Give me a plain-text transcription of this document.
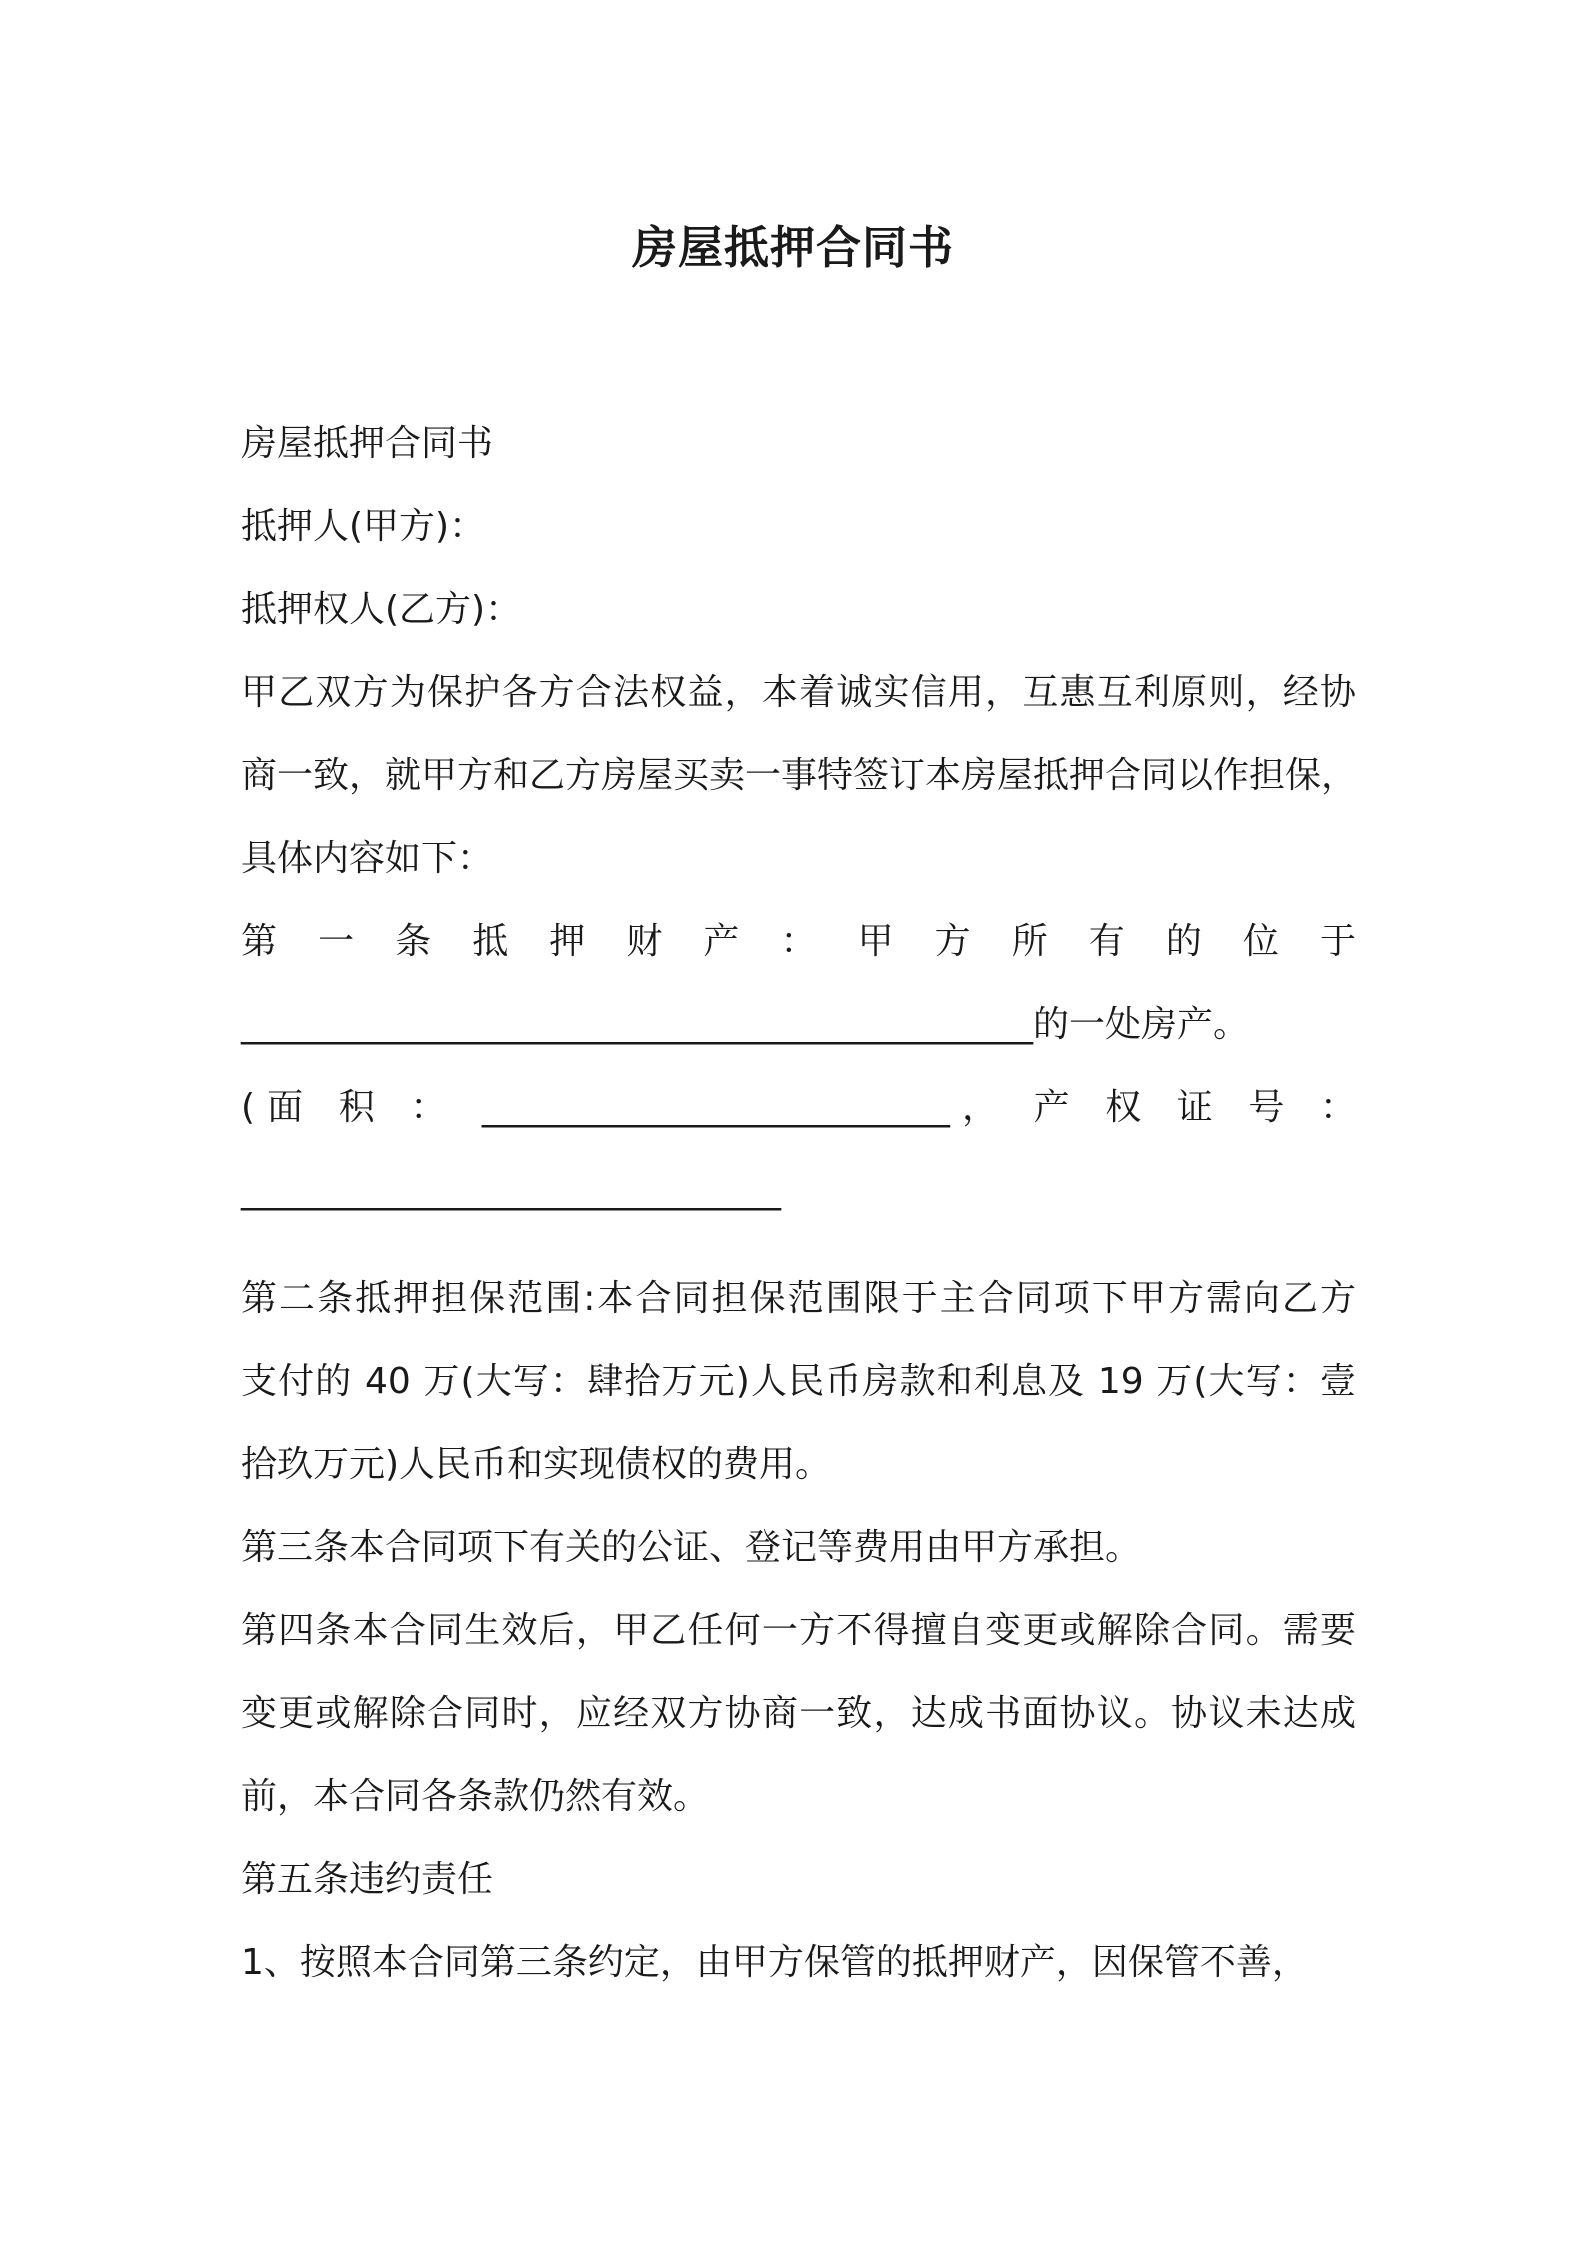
房屋抵押合同书
房屋抵押合同书
抵押人(甲方)：
抵押权人(乙方)：
甲乙双方为保护各方合法权益，本着诚实信用，互惠互利原则，经协
商一致，就甲方和乙方房屋买卖一事特签订本房屋抵押合同以作担保，
具体内容如下：
第 一 条 抵 押 财 产 ： 甲 方 所 有 的 位 于
____________________________________________的一处房产。
(面 积 ： __________________________， 产 权 证 号 ：
______________________________
第二条抵押担保范围:本合同担保范围限于主合同项下甲方需向乙方
支付的 40 万(大写：肆拾万元)人民币房款和利息及 19 万(大写：壹
拾玖万元)人民币和实现债权的费用。
第三条本合同项下有关的公证、登记等费用由甲方承担。
第四条本合同生效后，甲乙任何一方不得擅自变更或解除合同。需要
变更或解除合同时，应经双方协商一致，达成书面协议。协议未达成
前，本合同各条款仍然有效。
第五条违约责任
1、按照本合同第三条约定，由甲方保管的抵押财产，因保管不善，
